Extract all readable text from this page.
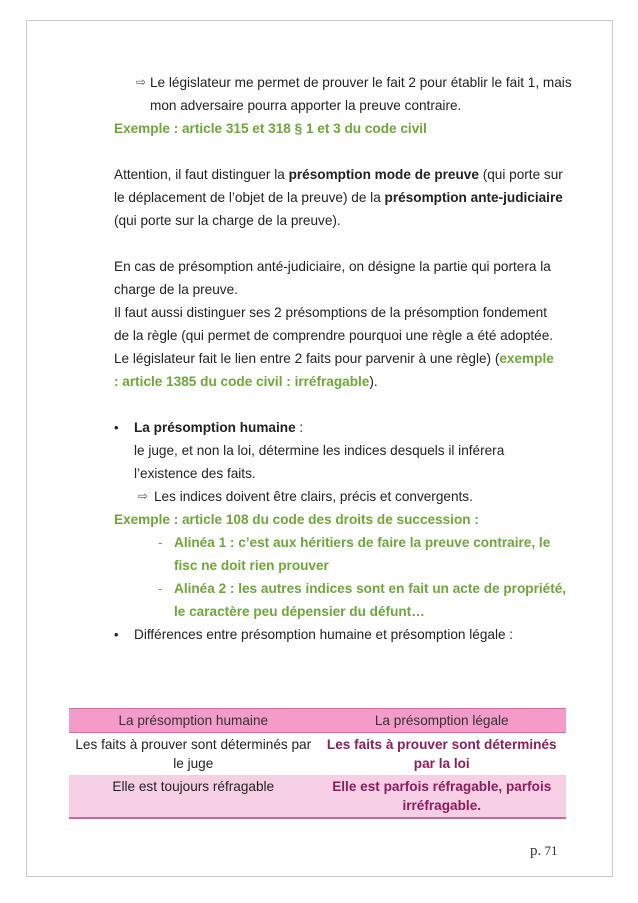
⇨ Le législateur me permet de prouver le fait 2 pour établir le fait 1, mais mon adversaire pourra apporter la preuve contraire.

Exemple : article 315 et 318 § 1 et 3 du code civil

Attention, il faut distinguer la présomption mode de preuve (qui porte sur le déplacement de l’objet de la preuve) de la présomption ante-judiciaire (qui porte sur la charge de la preuve).

En cas de présomption anté-judiciaire, on désigne la partie qui portera la charge de la preuve.

Il faut aussi distinguer ses 2 présomptions de la présomption fondement de la règle (qui permet de comprendre pourquoi une règle a été adoptée. Le législateur fait le lien entre 2 faits pour parvenir à une règle) (exemple : article 1385 du code civil : irréfragable).

• La présomption humaine :

le juge, et non la loi, détermine les indices desquels il inférera l’existence des faits.

⇨ Les indices doivent être clairs, précis et convergents.

Exemple : article 108 du code des droits de succession :

- Alinéa 1 : c’est aux héritiers de faire la preuve contraire, le fisc ne doit rien prouver

- Alinéa 2 : les autres indices sont en fait un acte de propriété, le caractère peu dépensier du défunt…

• Différences entre présomption humaine et présomption légale :

La présomption humaine	La présomption légale
Les faits à prouver sont déterminés par le juge	Les faits à prouver sont déterminés par la loi
Elle est toujours réfragable	Elle est parfois réfragable, parfois irréfragable.
p. 71
